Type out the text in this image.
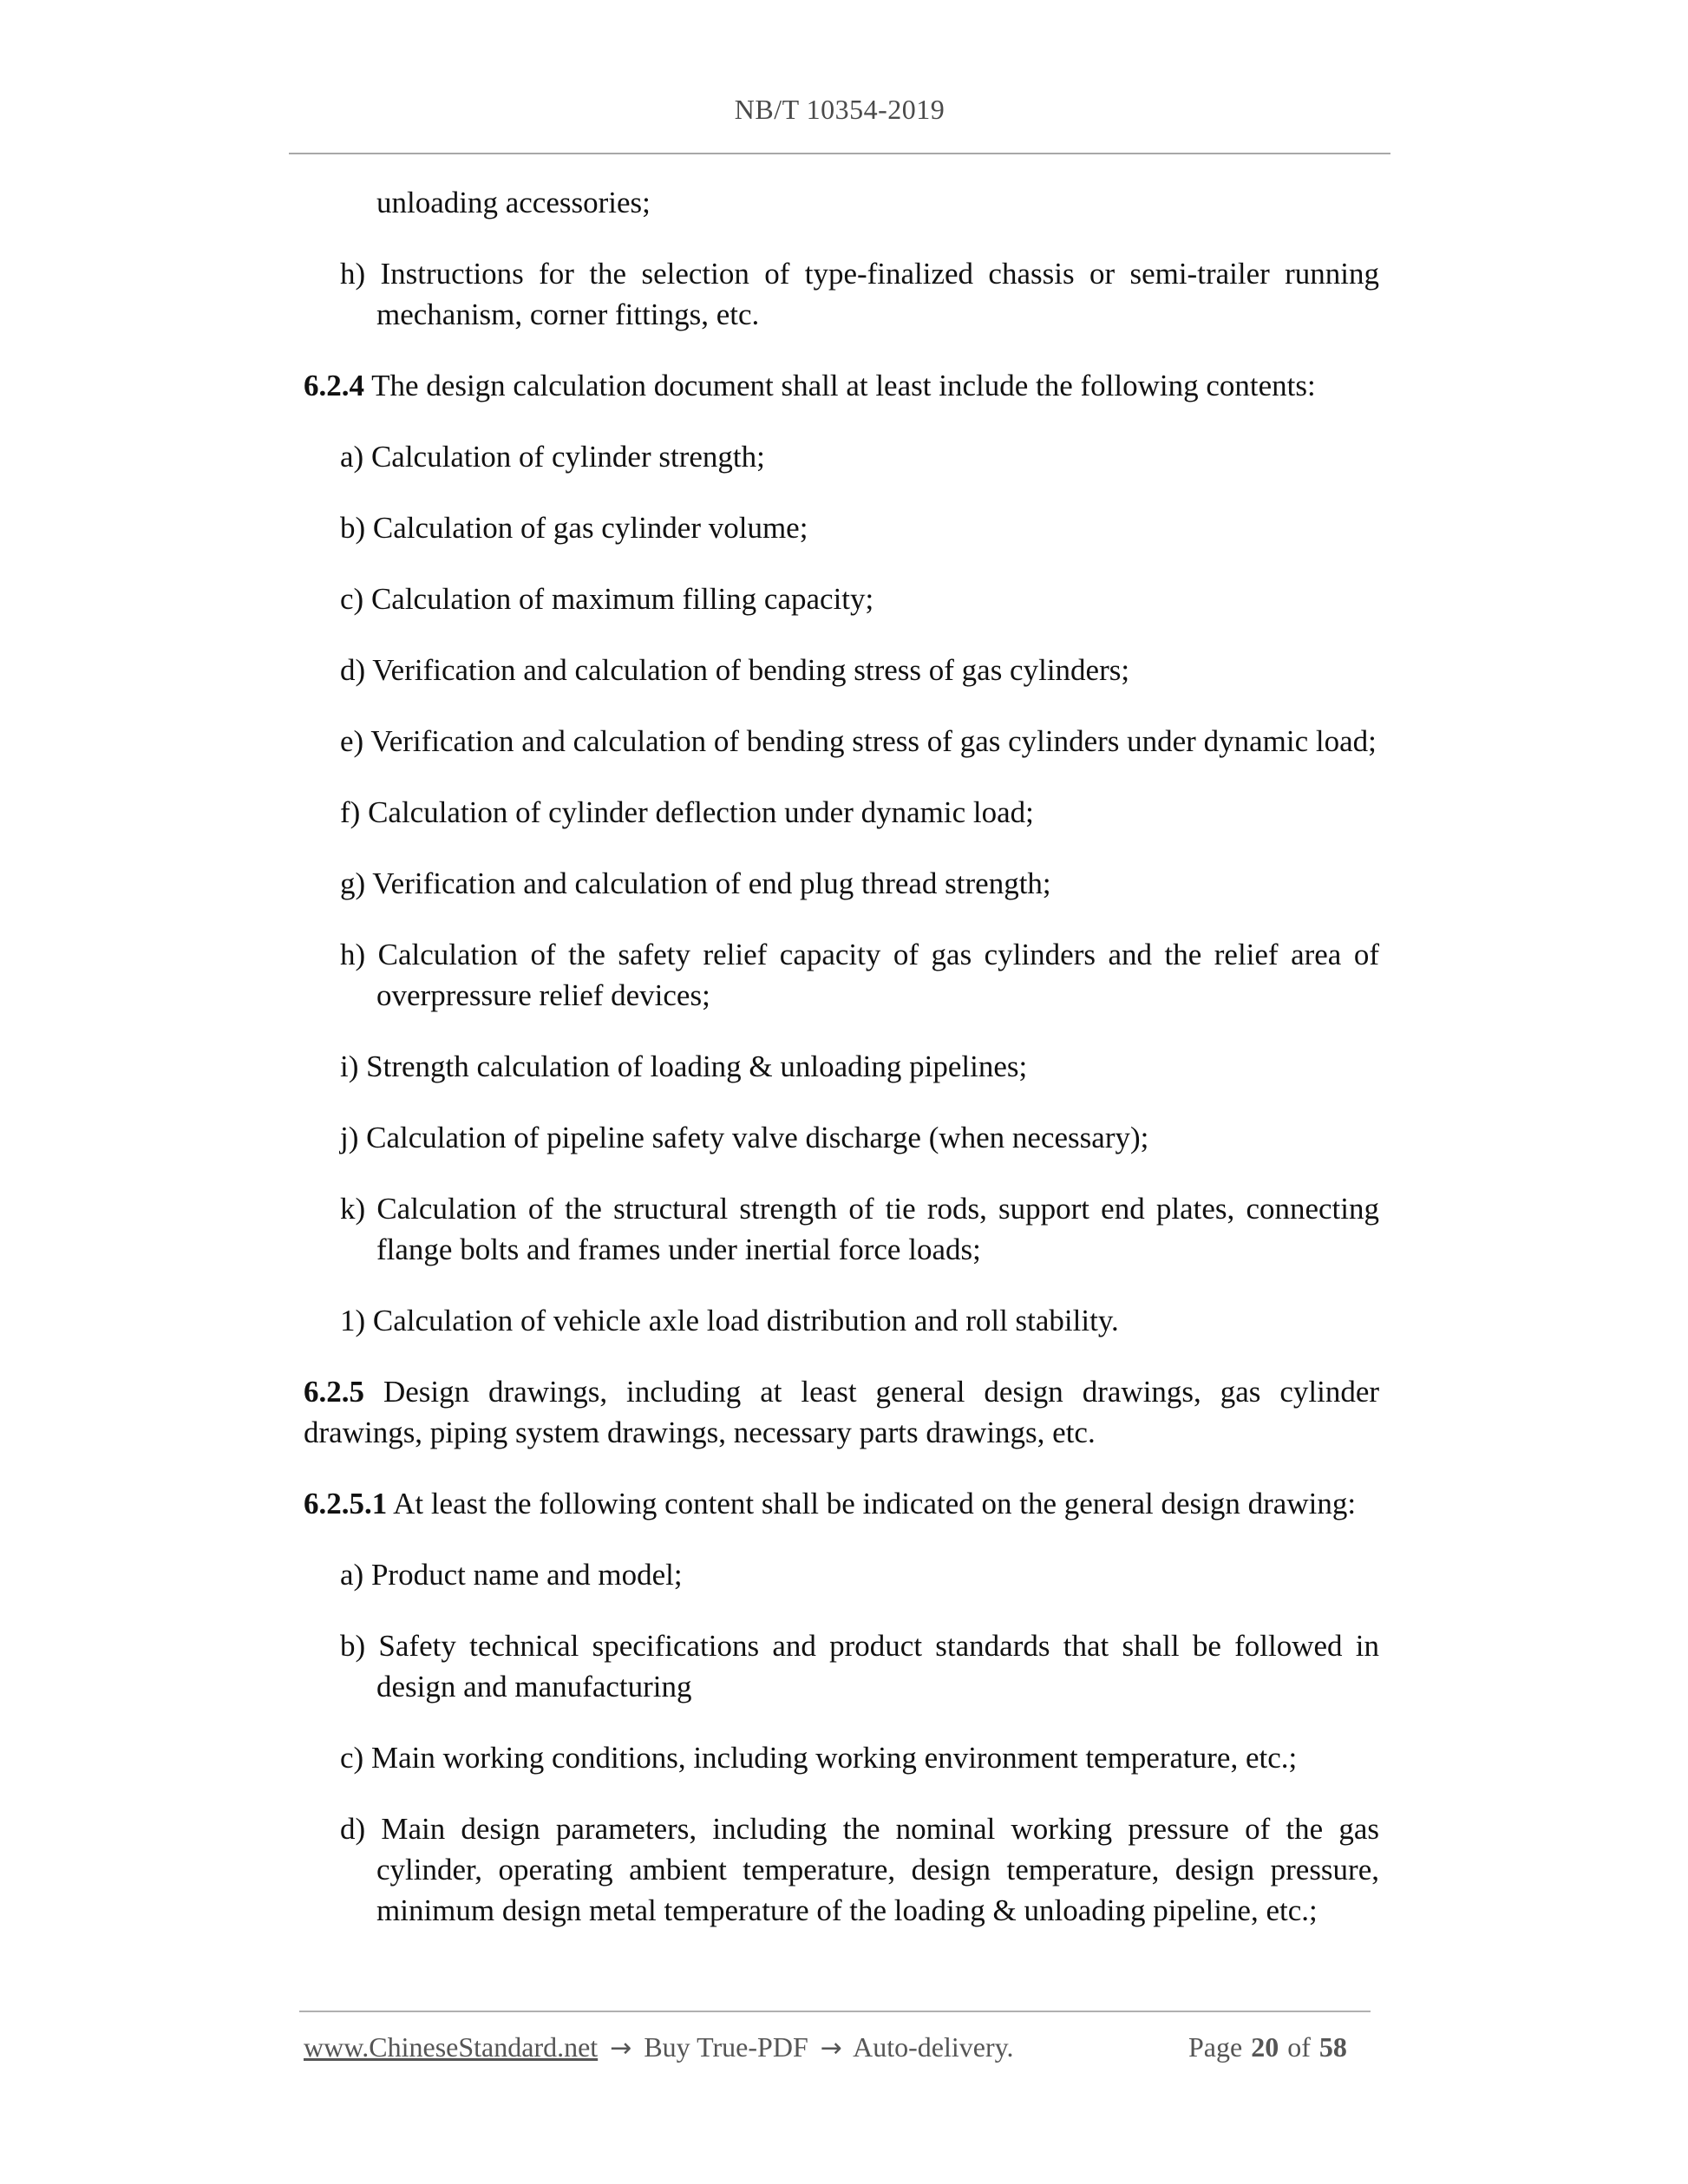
NB/T 10354-2019
unloading accessories;
h) Instructions for the selection of type-finalized chassis or semi-trailer running mechanism, corner fittings, etc.
6.2.4 The design calculation document shall at least include the following contents:
a) Calculation of cylinder strength;
b) Calculation of gas cylinder volume;
c) Calculation of maximum filling capacity;
d) Verification and calculation of bending stress of gas cylinders;
e) Verification and calculation of bending stress of gas cylinders under dynamic load;
f) Calculation of cylinder deflection under dynamic load;
g) Verification and calculation of end plug thread strength;
h) Calculation of the safety relief capacity of gas cylinders and the relief area of overpressure relief devices;
i) Strength calculation of loading & unloading pipelines;
j) Calculation of pipeline safety valve discharge (when necessary);
k) Calculation of the structural strength of tie rods, support end plates, connecting flange bolts and frames under inertial force loads;
1) Calculation of vehicle axle load distribution and roll stability.
6.2.5 Design drawings, including at least general design drawings, gas cylinder drawings, piping system drawings, necessary parts drawings, etc.
6.2.5.1 At least the following content shall be indicated on the general design drawing:
a) Product name and model;
b) Safety technical specifications and product standards that shall be followed in design and manufacturing
c) Main working conditions, including working environment temperature, etc.;
d) Main design parameters, including the nominal working pressure of the gas cylinder, operating ambient temperature, design temperature, design pressure, minimum design metal temperature of the loading & unloading pipeline, etc.;
www.ChineseStandard.net → Buy True-PDF → Auto-delivery.	Page 20 of 58
